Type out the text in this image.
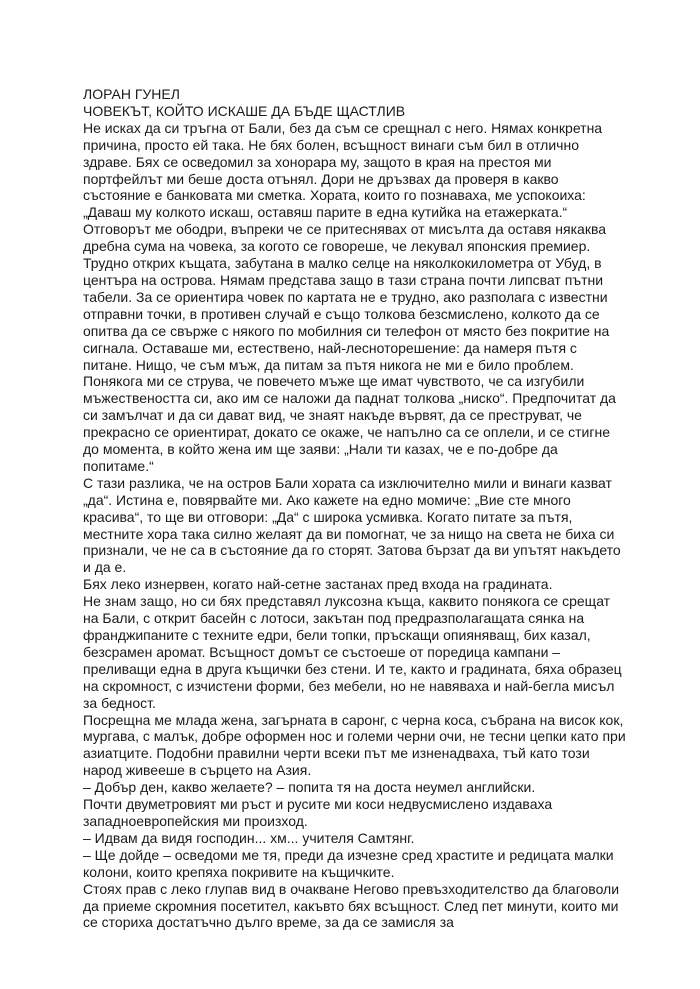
ЛОРАН ГУНЕЛ

ЧОВЕКЪТ, КОЙТО ИСКАШЕ ДА БЪДЕ ЩАСТЛИВ

Не исках да си тръгна от Бали, без да съм се срещнал с него. Нямах конкретна причина, просто ей така. Не бях болен, всъщност винаги съм бил в отлично здраве. Бях се осведомил за хонорара му, защото в края на престоя ми портфейлът ми беше доста отънял. Дори не дръзвах да проверя в какво състояние е банковата ми сметка. Хората, които го познаваха, ме успокоиха: „Даваш му колкото искаш, оставяш парите в една кутийка на етажерката.“

Отговорът ме ободри, въпреки че се притеснявах от мисълта да оставя някаква дребна сума на човека, за когото се говореше, че лекувал японския премиер.

Трудно открих къщата, забутана в малко селце на няколкокилометра от Убуд, в центъра на острова. Нямам представа защо в тази страна почти липсват пътни табели. За се ориентира човек по картата не е трудно, ако разполага с известни отправни точки, в противен случай е също толкова безсмислено, колкото да се опитва да се свърже с някого по мобилния си телефон от място без покритие на сигнала. Оставаше ми, естествено, най-лесноторешение: да намеря пътя с питане. Нищо, че съм мъж, да питам за пътя никога не ми е било проблем.

Понякога ми се струва, че повечето мъже ще имат чувството, че са изгубили мъжествеността си, ако им се наложи да паднат толкова „ниско“. Предпочитат да си замълчат и да си дават вид, че знаят накъде вървят, да се преструват, че прекрасно се ориентират, докато се окаже, че напълно са се оплели, и се стигне до момента, в който жена им ще заяви: „Нали ти казах, че е по-добре да попитаме.“

С тази разлика, че на остров Бали хората са изключително мили и винаги казват „да“. Истина е, повярвайте ми. Ако кажете на едно момиче: „Вие сте много красива“, то ще ви отговори: „Да“ с широка усмивка. Когато питате за пътя, местните хора така силно желаят да ви помогнат, че за нищо на света не биха си признали, че не са в състояние да го сторят. Затова бързат да ви упътят накъдето и да е.

Бях леко изнервен, когато най-сетне застанах пред входа на градината.

Не знам защо, но си бях представял луксозна къща, каквито понякога се срещат на Бали, с открит басейн с лотоси, закътан под предразполагащата сянка на франджипаните с техните едри, бели топки, пръскащи опияняващ, бих казал, безсрамен аромат. Всъщност домът се състоеше от поредица кампани – преливащи една в друга къщички без стени. И те, както и градината, бяха образец на скромност, с изчистени форми, без мебели, но не навяваха и най-бегла мисъл за бедност.

Посрещна ме млада жена, загърната в саронг, с черна коса, събрана на висок кок, мургава, с малък, добре оформен нос и големи черни очи, не тесни цепки като при азиатците. Подобни правилни черти всеки път ме изненадваха, тъй като този народ живееше в сърцето на Азия.

– Добър ден, какво желаете? – попита тя на доста неумел английски.

Почти двуметровият ми ръст и русите ми коси недвусмислено издаваха западноевропейския ми произход.

– Идвам да видя господин... хм... учителя Самтянг.

– Ще дойде – осведоми ме тя, преди да изчезне сред храстите и редицата малки колони, които крепяха покривите на къщичките.

Стоях прав с леко глупав вид в очакване Негово превъзходителство да благоволи да приеме скромния посетител, какъвто бях всъщност. След пет минути, които ми се сториха достатъчно дълго време, за да се замисля за
